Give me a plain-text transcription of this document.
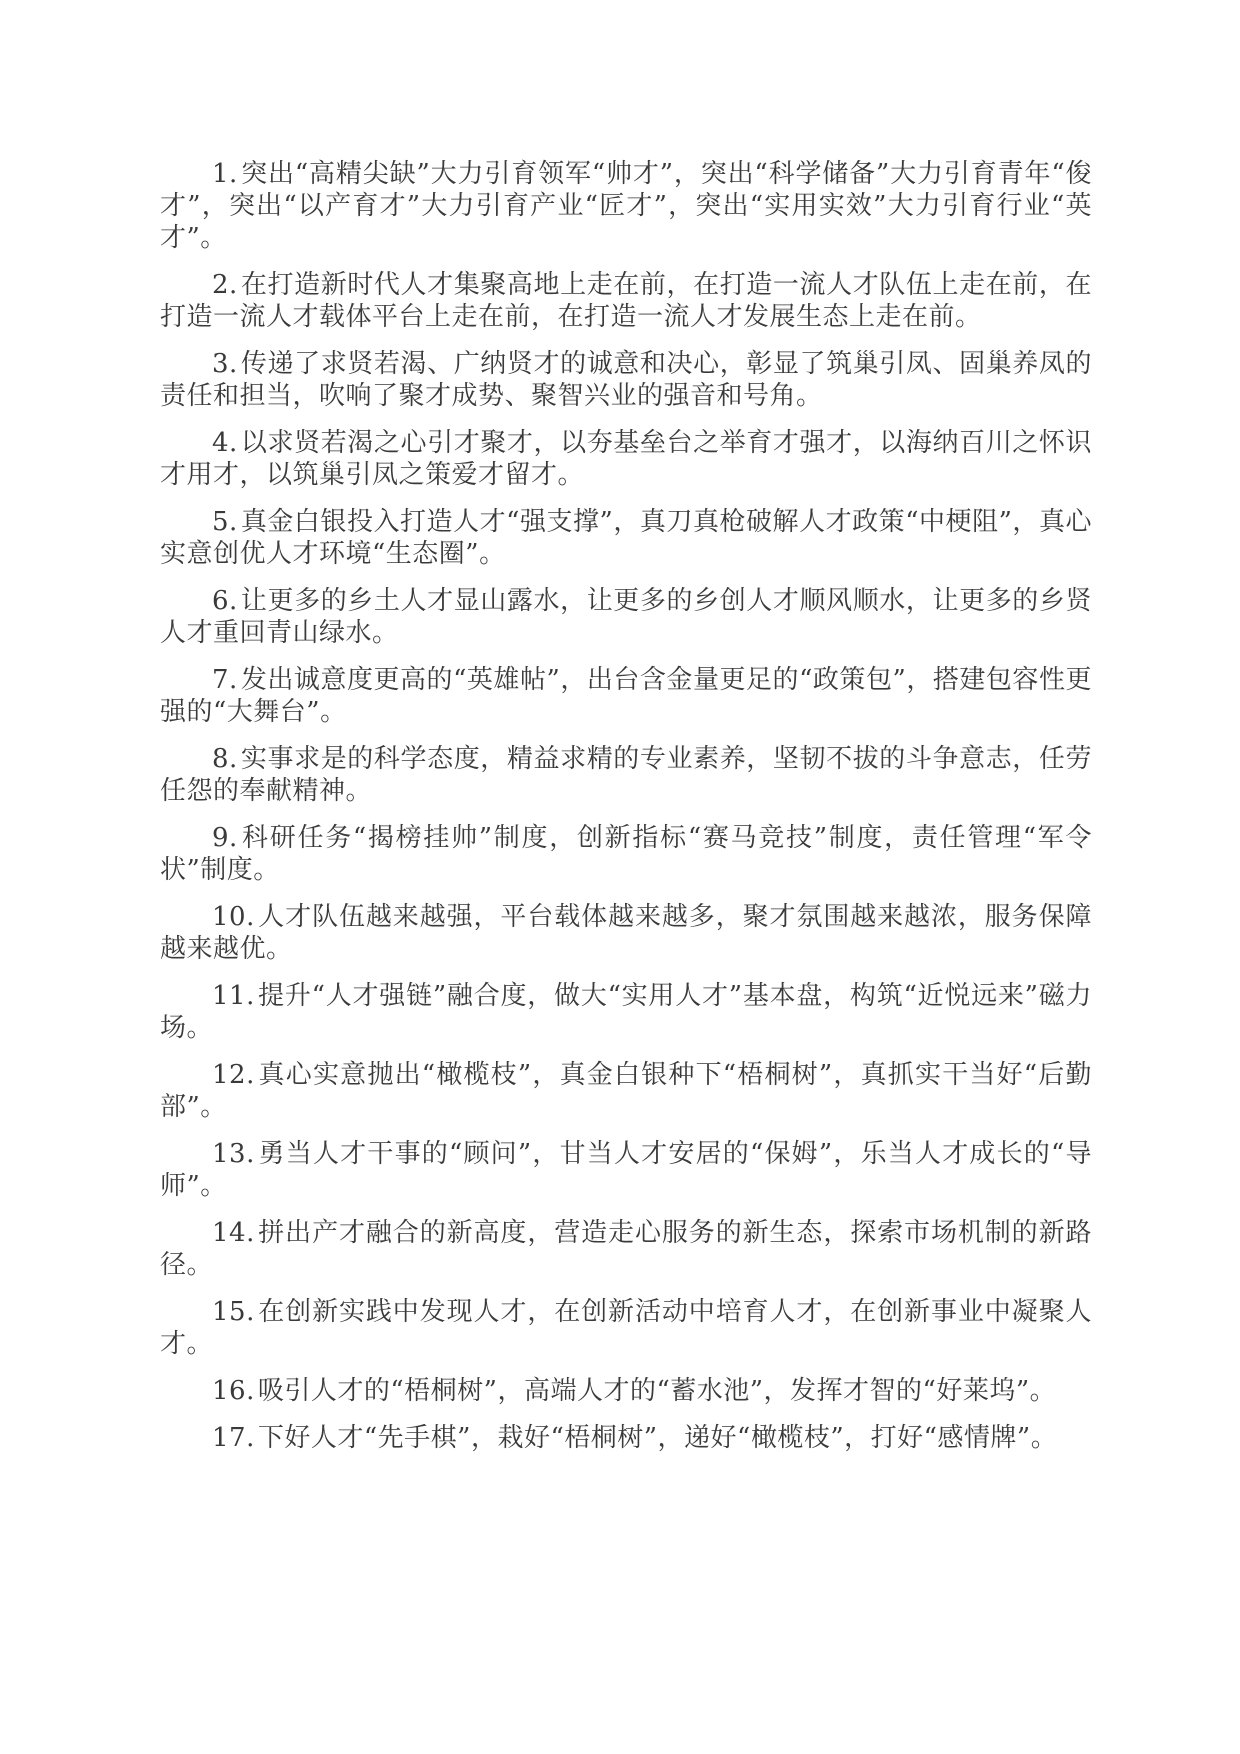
1. 突出“高精尖缺”大力引育领军“帅才”，突出“科学储备”大力引育青年“俊才”，突出“以产育才”大力引育产业“匠才”，突出“实用实效”大力引育行业“英才”。

2. 在打造新时代人才集聚高地上走在前，在打造一流人才队伍上走在前，在打造一流人才载体平台上走在前，在打造一流人才发展生态上走在前。

3. 传递了求贤若渴、广纳贤才的诚意和决心，彰显了筑巢引凤、固巢养凤的责任和担当，吹响了聚才成势、聚智兴业的强音和号角。

4. 以求贤若渴之心引才聚才，以夯基垒台之举育才强才，以海纳百川之怀识才用才，以筑巢引凤之策爱才留才。

5. 真金白银投入打造人才“强支撑”，真刀真枪破解人才政策“中梗阻”，真心实意创优人才环境“生态圈”。

6. 让更多的乡土人才显山露水，让更多的乡创人才顺风顺水，让更多的乡贤人才重回青山绿水。

7. 发出诚意度更高的“英雄帖”，出台含金量更足的“政策包”，搭建包容性更强的“大舞台”。

8. 实事求是的科学态度，精益求精的专业素养，坚韧不拔的斗争意志，任劳任怨的奉献精神。

9. 科研任务“揭榜挂帅”制度，创新指标“赛马竞技”制度，责任管理“军令状”制度。

10. 人才队伍越来越强，平台载体越来越多，聚才氛围越来越浓，服务保障越来越优。

11. 提升“人才强链”融合度，做大“实用人才”基本盘，构筑“近悦远来”磁力场。

12. 真心实意抛出“橄榄枝”，真金白银种下“梧桐树”，真抓实干当好“后勤部”。

13. 勇当人才干事的“顾问”，甘当人才安居的“保姆”，乐当人才成长的“导师”。

14. 拼出产才融合的新高度，营造走心服务的新生态，探索市场机制的新路径。

15. 在创新实践中发现人才，在创新活动中培育人才，在创新事业中凝聚人才。

16. 吸引人才的“梧桐树”，高端人才的“蓄水池”，发挥才智的“好莱坞”。

17. 下好人才“先手棋”，栽好“梧桐树”，递好“橄榄枝”，打好“感情牌”。
